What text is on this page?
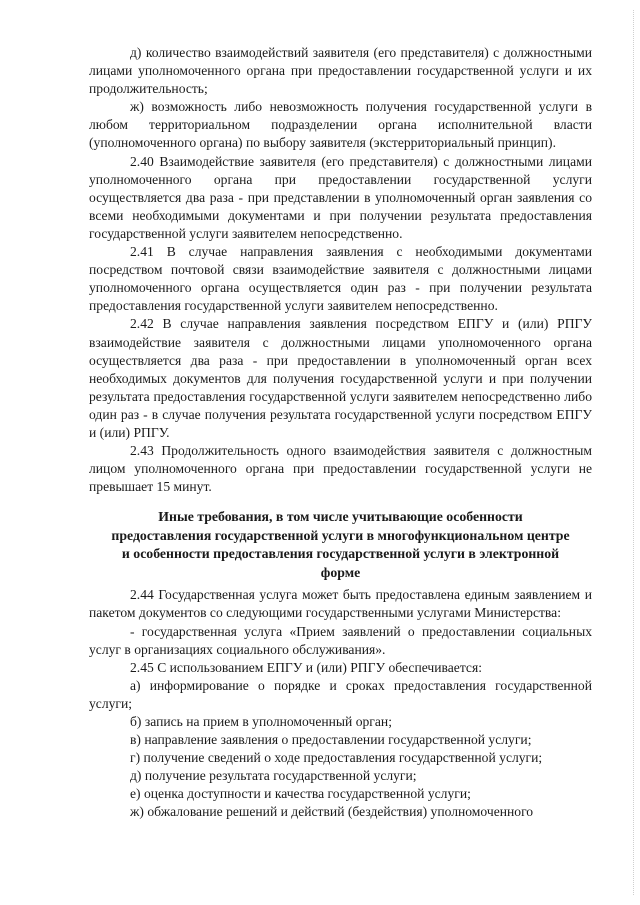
д) количество взаимодействий заявителя (его представителя) с должностными лицами уполномоченного органа при предоставлении государственной услуги и их продолжительность;

ж) возможность либо невозможность получения государственной услуги в любом территориальном подразделении органа исполнительной власти (уполномоченного органа) по выбору заявителя (экстерриториальный принцип).

2.40 Взаимодействие заявителя (его представителя) с должностными лицами уполномоченного органа при предоставлении государственной услуги осуществляется два раза - при представлении в уполномоченный орган заявления со всеми необходимыми документами и при получении результата предоставления государственной услуги заявителем непосредственно.

2.41 В случае направления заявления с необходимыми документами посредством почтовой связи взаимодействие заявителя с должностными лицами уполномоченного органа осуществляется один раз - при получении результата предоставления государственной услуги заявителем непосредственно.

2.42 В случае направления заявления посредством ЕПГУ и (или) РПГУ взаимодействие заявителя с должностными лицами уполномоченного органа осуществляется два раза - при предоставлении в уполномоченный орган всех необходимых документов для получения государственной услуги и при получении результата предоставления государственной услуги заявителем непосредственно либо один раз - в случае получения результата государственной услуги посредством ЕПГУ и (или) РПГУ.

2.43 Продолжительность одного взаимодействия заявителя с должностным лицом уполномоченного органа при предоставлении государственной услуги не превышает 15 минут.

Иные требования, в том числе учитывающие особенности
предоставления государственной услуги в многофункциональном центре
и особенности предоставления государственной услуги в электронной
форме

2.44 Государственная услуга может быть предоставлена единым заявлением и пакетом документов со следующими государственными услугами Министерства:

- государственная услуга «Прием заявлений о предоставлении социальных услуг в организациях социального обслуживания».

2.45 С использованием ЕПГУ и (или) РПГУ обеспечивается:

а) информирование о порядке и сроках предоставления государственной услуги;

б) запись на прием в уполномоченный орган;

в) направление заявления о предоставлении государственной услуги;

г) получение сведений о ходе предоставления государственной услуги;

д) получение результата государственной услуги;

е) оценка доступности и качества государственной услуги;

ж) обжалование решений и действий (бездействия) уполномоченного
